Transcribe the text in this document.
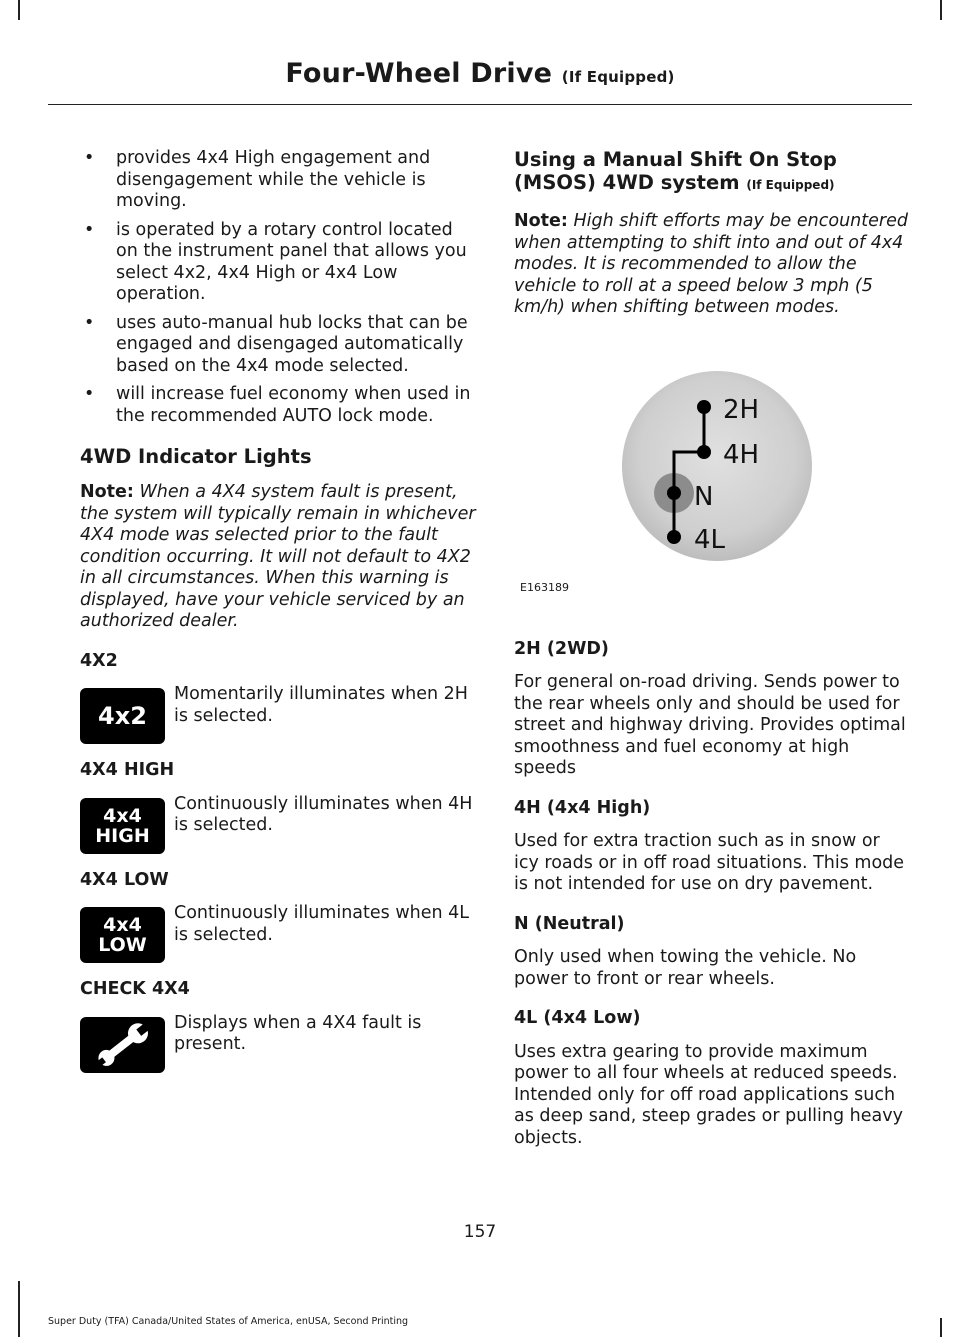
Four-Wheel Drive (If Equipped)
• provides 4x4 High engagement and disengagement while the vehicle is moving.
• is operated by a rotary control located on the instrument panel that allows you select 4x2, 4x4 High or 4x4 Low operation.
• uses auto-manual hub locks that can be engaged and disengaged automatically based on the 4x4 mode selected.
• will increase fuel economy when used in the recommended AUTO lock mode.
4WD Indicator Lights

Note: When a 4X4 system fault is present, the system will typically remain in whichever 4X4 mode was selected prior to the fault condition occurring. It will not default to 4X2 in all circumstances. When this warning is displayed, have your vehicle serviced by an authorized dealer.

4X2
4x2
Momentarily illuminates when 2H is selected.
4X4 HIGH
4x4
HIGH
Continuously illuminates when 4H is selected.
4X4 LOW
4x4
LOW
Continuously illuminates when 4L is selected.
CHECK 4X4
Displays when a 4X4 fault is present.
Using a Manual Shift On Stop (MSOS) 4WD system (If Equipped)

Note: High shift efforts may be encountered when attempting to shift into and out of 4x4 modes. It is recommended to allow the vehicle to roll at a speed below 3 mph (5 km/h) when shifting between modes.

2H
4H
N
4L
E163189
2H (2WD)

For general on-road driving. Sends power to the rear wheels only and should be used for street and highway driving. Provides optimal smoothness and fuel economy at high speeds

4H (4x4 High)

Used for extra traction such as in snow or icy roads or in off road situations. This mode is not intended for use on dry pavement.

N (Neutral)

Only used when towing the vehicle. No power to front or rear wheels.

4L (4x4 Low)

Uses extra gearing to provide maximum power to all four wheels at reduced speeds. Intended only for off road applications such as deep sand, steep grades or pulling heavy objects.

157
Super Duty (TFA) Canada/United States of America, enUSA, Second Printing
